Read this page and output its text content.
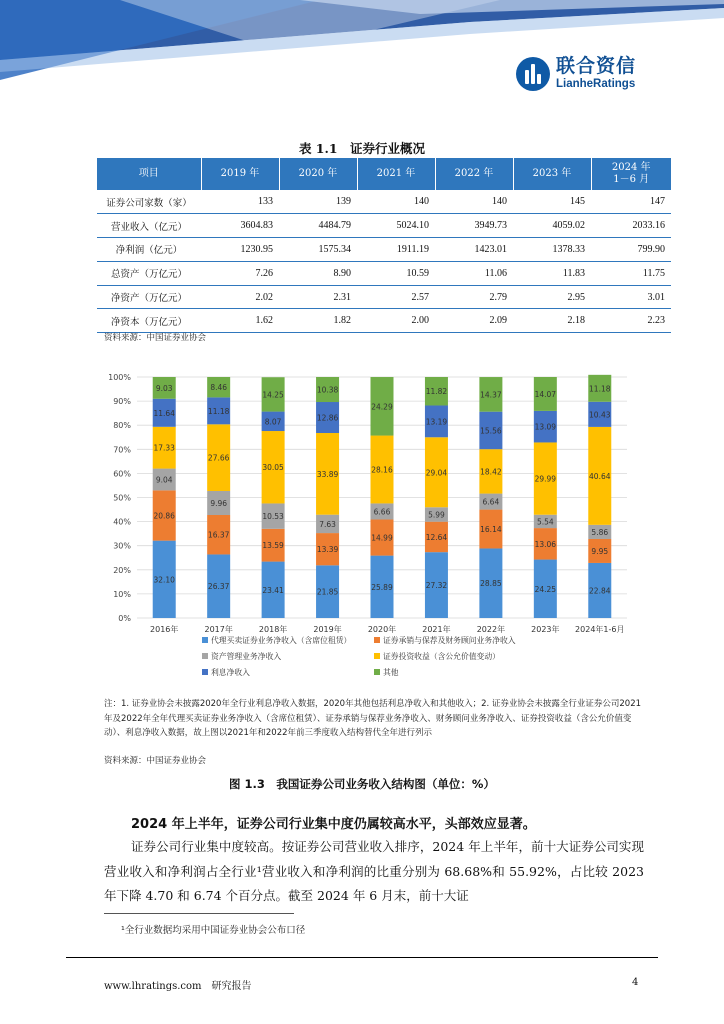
联合资信
LianheRatings
表 1.1　证券行业概况
项目	2019 年	2020 年	2021 年	2022 年	2023 年	2024 年
1－6 月
证券公司家数（家）	133	139	140	140	145	147
营业收入（亿元）	3604.83	4484.79	5024.10	3949.73	4059.02	2033.16
净利润（亿元）	1230.95	1575.34	1911.19	1423.01	1378.33	799.90
总资产（万亿元）	7.26	8.90	10.59	11.06	11.83	11.75
净资产（万亿元）	2.02	2.31	2.57	2.79	2.95	3.01
净资本（万亿元）	1.62	1.82	2.00	2.09	2.18	2.23
资料来源：中国证券业协会
0%
10%
20%
30%
40%
50%
60%
70%
80%
90%
100%
32.10
20.86
9.04
17.33
11.64
9.03
2016年
26.37
16.37
9.96
27.66
11.18
8.46
2017年
23.41
13.59
10.53
30.05
8.07
14.25
2018年
21.85
13.39
7.63
33.89
12.86
10.38
2019年
25.89
14.99
6.66
28.16
24.29
2020年
27.32
12.64
5.99
29.04
13.19
11.82
2021年
28.85
16.14
6.64
18.42
15.56
14.37
2022年
24.25
13.06
5.54
29.99
13.09
14.07
2023年
22.84
9.95
5.86
40.64
10.43
11.18
2024年1-6月
代理买卖证券业务净收入（含席位租赁）	证券承销与保荐及财务顾问业务净收入
资产管理业务净收入	证券投资收益（含公允价值变动）
利息净收入	其他
注：1. 证券业协会未披露2020年全行业利息净收入数据，2020年其他包括利息净收入和其他收入；2. 证券业协会未披露全行业证券公司2021年及2022年全年代理买卖证券业务净收入（含席位租赁）、证券承销与保荐业务净收入、财务顾问业务净收入、证券投资收益（含公允价值变动）、利息净收入数据，故上图以2021年和2022年前三季度收入结构替代全年进行列示
资料来源：中国证券业协会
图 1.3　我国证券公司业务收入结构图（单位：%）
2024 年上半年，证券公司行业集中度仍属较高水平，头部效应显著。
证券公司行业集中度较高。按证券公司营业收入排序，2024 年上半年，前十大证券公司实现营业收入和净利润占全行业¹营业收入和净利润的比重分别为 68.68%和 55.92%，占比较 2023 年下降 4.70 和 6.74 个百分点。截至 2024 年 6 月末，前十大证
¹全行业数据均采用中国证券业协会公布口径
www.lhratings.com　研究报告	4
